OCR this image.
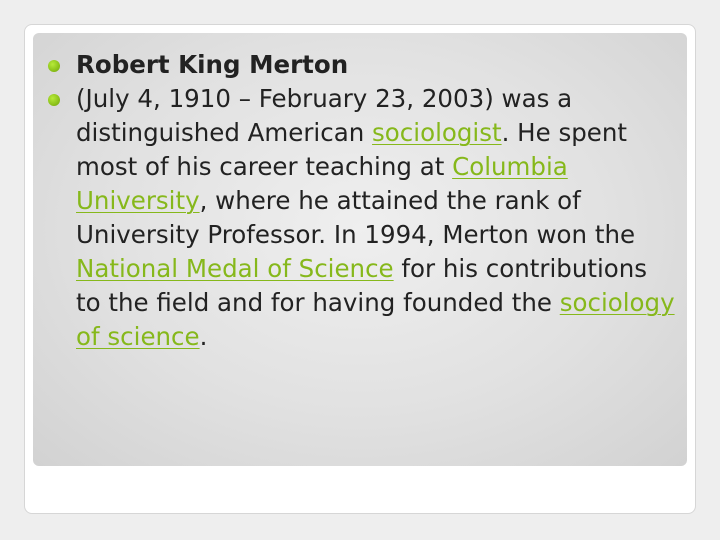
Robert King Merton
(July 4, 1910 – February 23, 2003) was a distinguished American sociologist. He spent most of his career teaching at Columbia University, where he attained the rank of University Professor. In 1994, Merton won the National Medal of Science for his contributions to the field and for having founded the sociology of science.
